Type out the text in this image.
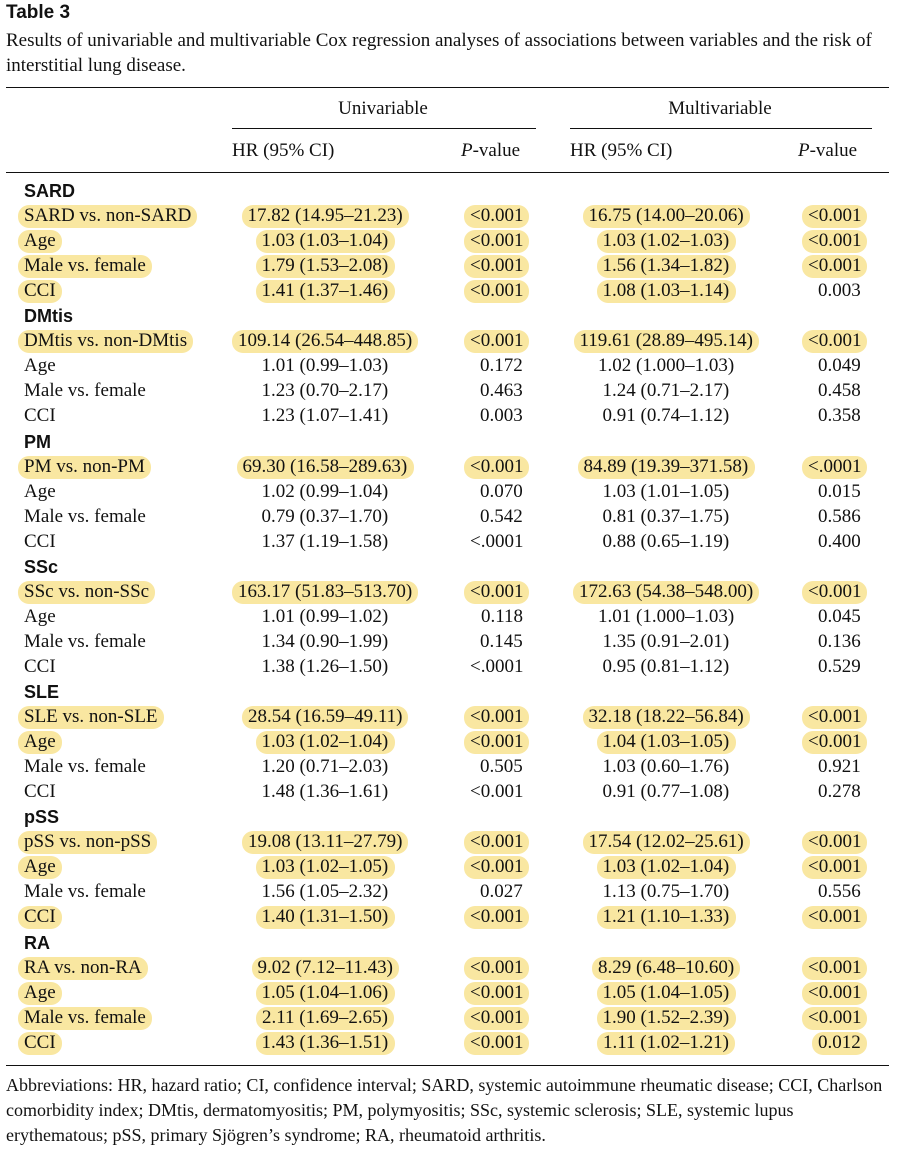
Table 3
Results of univariable and multivariable Cox regression analyses of associations between variables and the risk of interstitial lung disease.
Univariable	Multivariable
HR (95% CI)	P-value	HR (95% CI)	P-value
SARD
SARD vs. non-SARD	17.82 (14.95–21.23)	<0.001	16.75 (14.00–20.06)	<0.001
Age	1.03 (1.03–1.04)	<0.001	1.03 (1.02–1.03)	<0.001
Male vs. female	1.79 (1.53–2.08)	<0.001	1.56 (1.34–1.82)	<0.001
CCI	1.41 (1.37–1.46)	<0.001	1.08 (1.03–1.14)	0.003
DMtis
DMtis vs. non-DMtis	109.14 (26.54–448.85)	<0.001	119.61 (28.89–495.14)	<0.001
Age	1.01 (0.99–1.03)	0.172	1.02 (1.000–1.03)	0.049
Male vs. female	1.23 (0.70–2.17)	0.463	1.24 (0.71–2.17)	0.458
CCI	1.23 (1.07–1.41)	0.003	0.91 (0.74–1.12)	0.358
PM
PM vs. non-PM	69.30 (16.58–289.63)	<0.001	84.89 (19.39–371.58)	<.0001
Age	1.02 (0.99–1.04)	0.070	1.03 (1.01–1.05)	0.015
Male vs. female	0.79 (0.37–1.70)	0.542	0.81 (0.37–1.75)	0.586
CCI	1.37 (1.19–1.58)	<.0001	0.88 (0.65–1.19)	0.400
SSc
SSc vs. non-SSc	163.17 (51.83–513.70)	<0.001	172.63 (54.38–548.00)	<0.001
Age	1.01 (0.99–1.02)	0.118	1.01 (1.000–1.03)	0.045
Male vs. female	1.34 (0.90–1.99)	0.145	1.35 (0.91–2.01)	0.136
CCI	1.38 (1.26–1.50)	<.0001	0.95 (0.81–1.12)	0.529
SLE
SLE vs. non-SLE	28.54 (16.59–49.11)	<0.001	32.18 (18.22–56.84)	<0.001
Age	1.03 (1.02–1.04)	<0.001	1.04 (1.03–1.05)	<0.001
Male vs. female	1.20 (0.71–2.03)	0.505	1.03 (0.60–1.76)	0.921
CCI	1.48 (1.36–1.61)	<0.001	0.91 (0.77–1.08)	0.278
pSS
pSS vs. non-pSS	19.08 (13.11–27.79)	<0.001	17.54 (12.02–25.61)	<0.001
Age	1.03 (1.02–1.05)	<0.001	1.03 (1.02–1.04)	<0.001
Male vs. female	1.56 (1.05–2.32)	0.027	1.13 (0.75–1.70)	0.556
CCI	1.40 (1.31–1.50)	<0.001	1.21 (1.10–1.33)	<0.001
RA
RA vs. non-RA	9.02 (7.12–11.43)	<0.001	8.29 (6.48–10.60)	<0.001
Age	1.05 (1.04–1.06)	<0.001	1.05 (1.04–1.05)	<0.001
Male vs. female	2.11 (1.69–2.65)	<0.001	1.90 (1.52–2.39)	<0.001
CCI	1.43 (1.36–1.51)	<0.001	1.11 (1.02–1.21)	0.012
Abbreviations: HR, hazard ratio; CI, confidence interval; SARD, systemic autoimmune rheumatic disease; CCI, Charlson comorbidity index; DMtis, dermatomyositis; PM, polymyositis; SSc, systemic sclerosis; SLE, systemic lupus erythematous; pSS, primary Sjögren’s syndrome; RA, rheumatoid arthritis.
